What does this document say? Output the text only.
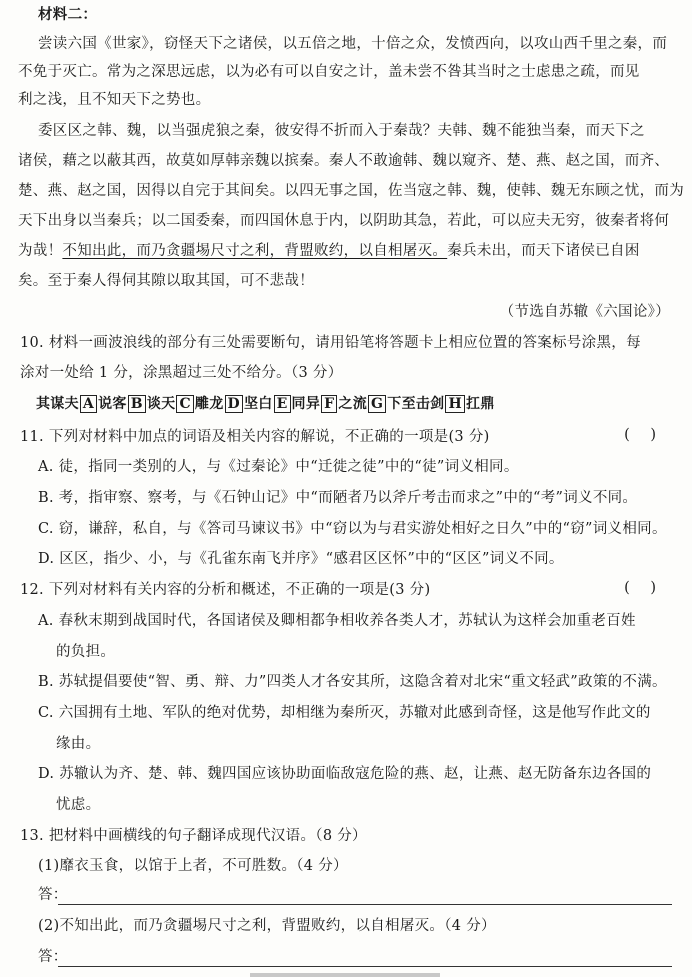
材料二：
尝读六国《世家》，窃怪天下之诸侯，以五倍之地，十倍之众，发愤西向，以攻山西千里之秦，而
不免于灭亡。常为之深思远虑，以为必有可以自安之计，盖未尝不咎其当时之士虑患之疏，而见
利之浅，且不知天下之势也。
委区区之韩、魏，以当强虎狼之秦，彼安得不折而入于秦哉？夫韩、魏不能独当秦，而天下之
诸侯，藉之以蔽其西，故莫如厚韩亲魏以摈秦。秦人不敢逾韩、魏以窥齐、楚、燕、赵之国，而齐、
楚、燕、赵之国，因得以自完于其间矣。以四无事之国，佐当寇之韩、魏，使韩、魏无东顾之忧，而为
天下出身以当秦兵；以二国委秦，而四国休息于内，以阴助其急，若此，可以应夫无穷，彼秦者将何
为哉！不知出此，而乃贪疆埸尺寸之利，背盟败约，以自相屠灭。秦兵未出，而天下诸侯已自困
矣。至于秦人得伺其隙以取其国，可不悲哉！
（节选自苏辙《六国论》）
10. 材料一画波浪线的部分有三处需要断句，请用铅笔将答题卡上相应位置的答案标号涂黑，每
涂对一处给 1 分，涂黑超过三处不给分。（3 分）
其谋夫 A 说客 B 谈天 C 雕龙 D 坚白 E 同异 F 之流 G 下至击剑 H 扛鼎
11. 下列对材料中加点的词语及相关内容的解说，不正确的一项是(3 分)	( )
A. 徒，指同一类别的人，与《过秦论》中“迁徙之徒”中的“徒”词义相同。
B. 考，指审察、察考，与《石钟山记》中“而陋者乃以斧斤考击而求之”中的“考”词义不同。
C. 窃，谦辞，私自，与《答司马谏议书》中“窃以为与君实游处相好之日久”中的“窃”词义相同。
D. 区区，指少、小，与《孔雀东南飞并序》“感君区区怀”中的“区区”词义不同。
12. 下列对材料有关内容的分析和概述，不正确的一项是(3 分)	( )
A. 春秋末期到战国时代，各国诸侯及卿相都争相收养各类人才，苏轼认为这样会加重老百姓
的负担。
B. 苏轼提倡要使“智、勇、辩、力”四类人才各安其所，这隐含着对北宋“重文轻武”政策的不满。
C. 六国拥有土地、军队的绝对优势，却相继为秦所灭，苏辙对此感到奇怪，这是他写作此文的
缘由。
D. 苏辙认为齐、楚、韩、魏四国应该协助面临敌寇危险的燕、赵，让燕、赵无防备东边各国的
忧虑。
13. 把材料中画横线的句子翻译成现代汉语。（8 分）
(1)靡衣玉食，以馆于上者，不可胜数。（4 分）
答：
(2)不知出此，而乃贪疆埸尺寸之利，背盟败约，以自相屠灭。（4 分）
答：
